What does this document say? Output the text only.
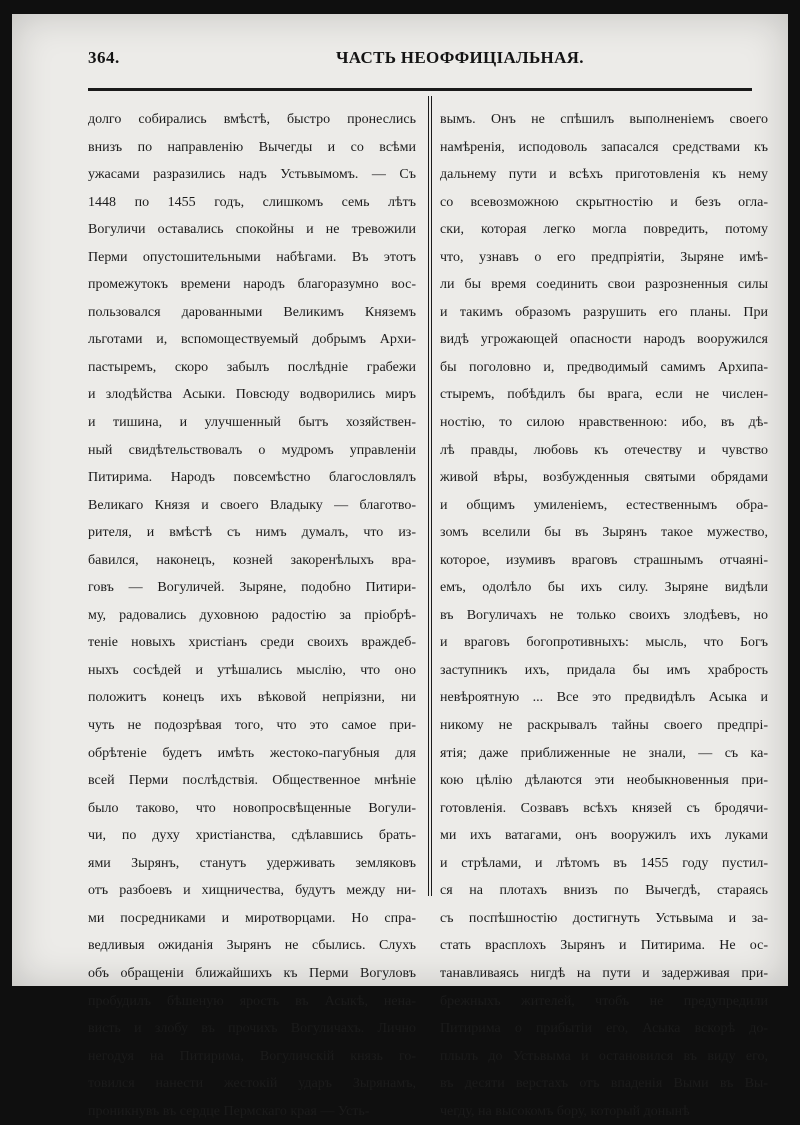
364.	ЧАСТЬ НЕОФФИЦІАЛЬНАЯ.
долго собирались вмѣстѣ, быстро пронеслись
внизъ по направленію Вычегды и со всѣми
ужасами разразились надъ Устьвымомъ. — Съ
1448 по 1455 годъ, слишкомъ семь лѣтъ
Вогуличи оставались спокойны и не тревожили
Перми опустошительными набѣгами. Въ этотъ
промежутокъ времени народъ благоразумно вос-
пользовался дарованными Великимъ Княземъ
льготами и, вспомоществуемый добрымъ Архи-
пастыремъ, скоро забылъ послѣдніе грабежи
и злодѣйства Асыки. Повсюду водворились миръ
и тишина, и улучшенный бытъ хозяйствен-
ный свидѣтельствовалъ о мудромъ управленіи
Питирима. Народъ повсемѣстно благословлялъ
Великаго Князя и своего Владыку — благотво-
рителя, и вмѣстѣ съ нимъ думалъ, что из-
бавился, наконецъ, козней закоренѣлыхъ вра-
говъ — Вогуличей. Зыряне, подобно Питири-
му, радовались духовною радостію за пріобрѣ-
теніе новыхъ христіанъ среди своихъ враждеб-
ныхъ сосѣдей и утѣшались мыслію, что оно
положитъ конецъ ихъ вѣковой непріязни, ни
чуть не подозрѣвая того, что это самое при-
обрѣтеніе будетъ имѣть жестоко-пагубныя для
всей Перми послѣдствія. Общественное мнѣніе
было таково, что новопросвѣщенные Вогули-
чи, по духу христіанства, сдѣлавшись брать-
ями Зырянъ, станутъ удерживать земляковъ
отъ разбоевъ и хищничества, будутъ между ни-
ми посредниками и миротворцами. Но спра-
ведливыя ожиданія Зырянъ не сбылись. Слухъ
объ обращеніи ближайшихъ къ Перми Вогуловъ
пробудилъ бѣшеную ярость въ Асыкѣ, нена-
висть и злобу въ прочихъ Вогуличахъ. Лично
негодуя на Питирима, Вогуличскій князь го-
товился нанести жестокій ударъ Зырянамъ,
проникнувъ въ сердце Пермскаго края — Усть-
вымъ. Онъ не спѣшилъ выполненіемъ своего
намѣренія, исподоволь запасался средствами къ
дальнему пути и всѣхъ приготовленія къ нему
со всевозможною скрытностію и безъ огла-
ски, которая легко могла повредить, потому
что, узнавъ о его предпріятіи, Зыряне имѣ-
ли бы время соединить свои разрозненныя силы
и такимъ образомъ разрушить его планы. При
видѣ угрожающей опасности народъ вооружился
бы поголовно и, предводимый самимъ Архипа-
стыремъ, побѣдилъ бы врага, если не числен-
ностію, то силою нравственною: ибо, въ дѣ-
лѣ правды, любовь къ отечеству и чувство
живой вѣры, возбужденныя святыми обрядами
и общимъ умиленіемъ, естественнымъ обра-
зомъ вселили бы въ Зырянъ такое мужество,
которое, изумивъ враговъ страшнымъ отчаяні-
емъ, одолѣло бы ихъ силу. Зыряне видѣли
въ Вогуличахъ не только своихъ злодѣевъ, но
и враговъ богопротивныхъ: мысль, что Богъ
заступникъ ихъ, придала бы имъ храбрость
невѣроятную ... Все это предвидѣлъ Асыка и
никому не раскрывалъ тайны своего предпрі-
ятія; даже приближенные не знали, — съ ка-
кою цѣлію дѣлаются эти необыкновенныя при-
готовленія. Созвавъ всѣхъ князей съ бродячи-
ми ихъ ватагами, онъ вооружилъ ихъ луками
и стрѣлами, и лѣтомъ въ 1455 году пустил-
ся на плотахъ внизъ по Вычегдѣ, стараясь
съ поспѣшностію достигнуть Устьвыма и за-
стать врасплохъ Зырянъ и Питирима. Не ос-
танавливаясь нигдѣ на пути и задерживая при-
брежныхъ жителей, чтобъ не предупредили
Питирима о прибытіи его, Асыка вскорѣ до-
плылъ до Устьвыма и остановился въ виду его,
въ десяти верстахъ отъ впаденія Выми въ Вы-
чегду, на высокомъ бору, который донынѣ
